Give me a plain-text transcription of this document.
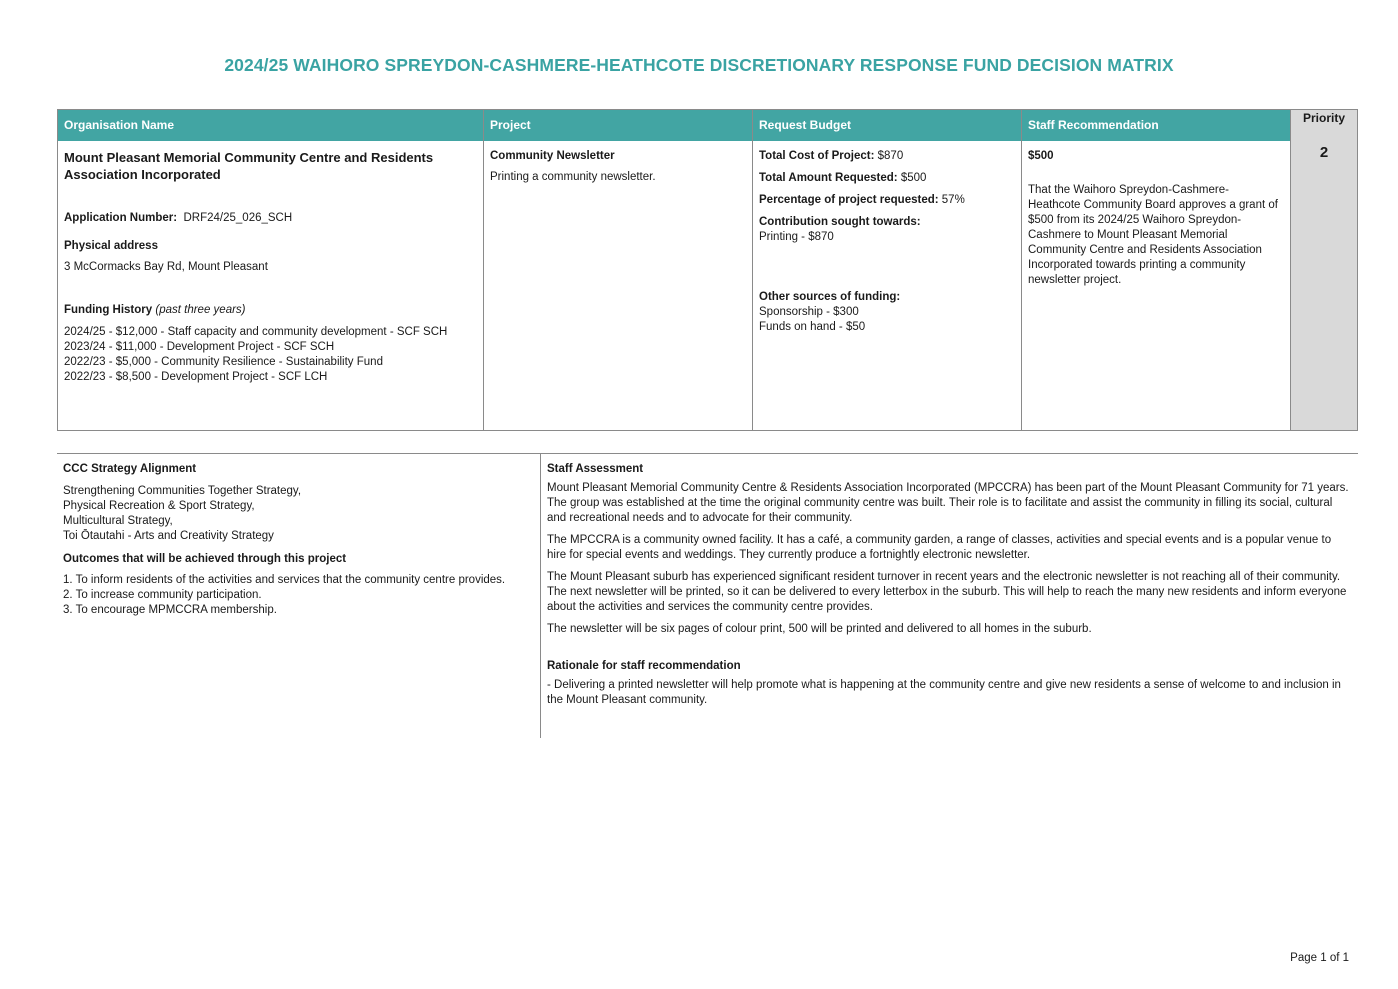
2024/25 WAIHORO SPREYDON-CASHMERE-HEATHCOTE DISCRETIONARY RESPONSE FUND DECISION MATRIX
Organisation Name
Mount Pleasant Memorial Community Centre and Residents Association Incorporated
Application Number: DRF24/25_026_SCH
Physical address
3 McCormacks Bay Rd, Mount Pleasant
Funding History (past three years)
2024/25 - $12,000 - Staff capacity and community development - SCF SCH
2023/24 - $11,000 - Development Project - SCF SCH
2022/23 - $5,000 - Community Resilience - Sustainability Fund
2022/23 - $8,500 - Development Project - SCF LCH
Project
Community Newsletter
Printing a community newsletter.
Request Budget
Total Cost of Project: $870
Total Amount Requested: $500
Percentage of project requested: 57%
Contribution sought towards:
Printing - $870
Other sources of funding:
Sponsorship - $300
Funds on hand - $50
Staff Recommendation
$500
That the Waihoro Spreydon-Cashmere-Heathcote Community Board approves a grant of $500 from its 2024/25 Waihoro Spreydon-Cashmere to Mount Pleasant Memorial Community Centre and Residents Association Incorporated towards printing a community newsletter project.
Priority
2
CCC Strategy Alignment
Strengthening Communities Together Strategy,
Physical Recreation & Sport Strategy,
Multicultural Strategy,
Toi Ōtautahi - Arts and Creativity Strategy
Outcomes that will be achieved through this project
1. To inform residents of the activities and services that the community centre provides.
2. To increase community participation.
3. To encourage MPMCCRA membership.
Staff Assessment
Mount Pleasant Memorial Community Centre & Residents Association Incorporated (MPCCRA) has been part of the Mount Pleasant Community for 71 years. The group was established at the time the original community centre was built. Their role is to facilitate and assist the community in filling its social, cultural and recreational needs and to advocate for their community.
The MPCCRA is a community owned facility. It has a café, a community garden, a range of classes, activities and special events and is a popular venue to hire for special events and weddings. They currently produce a fortnightly electronic newsletter.
The Mount Pleasant suburb has experienced significant resident turnover in recent years and the electronic newsletter is not reaching all of their community. The next newsletter will be printed, so it can be delivered to every letterbox in the suburb. This will help to reach the many new residents and inform everyone about the activities and services the community centre provides.
The newsletter will be six pages of colour print, 500 will be printed and delivered to all homes in the suburb.
Rationale for staff recommendation
- Delivering a printed newsletter will help promote what is happening at the community centre and give new residents a sense of welcome to and inclusion in the Mount Pleasant community.
Page 1 of 1
